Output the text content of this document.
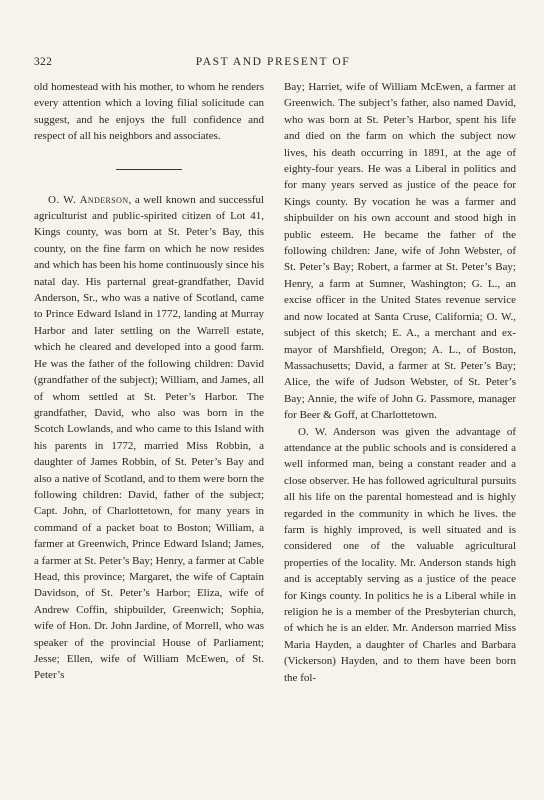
322	PAST AND PRESENT OF

old homestead with his mother, to whom he renders every attention which a loving filial solicitude can suggest, and he enjoys the full confidence and respect of all his neighbors and associates.

O. W. Anderson, a well known and successful agriculturist and public-spirited citizen of Lot 41, Kings county, was born at St. Peter’s Bay, this county, on the fine farm on which he now resides and which has been his home continuously since his natal day. His parternal great-grandfather, David Anderson, Sr., who was a native of Scotland, came to Prince Edward Island in 1772, landing at Murray Harbor and later settling on the Warrell estate, which he cleared and developed into a good farm. He was the father of the following children: David (grandfather of the subject); William, and James, all of whom settled at St. Peter’s Harbor. The grandfather, David, who also was born in the Scotch Lowlands, and who came to this Island with his parents in 1772, married Miss Robbin, a daughter of James Robbin, of St. Peter’s Bay and also a native of Scotland, and to them were born the following children: David, father of the subject; Capt. John, of Charlottetown, for many years in command of a packet boat to Boston; William, a farmer at Greenwich, Prince Edward Island; James, a farmer at St. Peter’s Bay; Henry, a farmer at Cable Head, this province; Margaret, the wife of Captain Davidson, of St. Peter’s Harbor; Eliza, wife of Andrew Coffin, shipbuilder, Greenwich; Sophia, wife of Hon. Dr. John Jardine, of Morrell, who was speaker of the provincial House of Parliament; Jesse; Ellen, wife of William McEwen, of St. Peter’s

Bay; Harriet, wife of William McEwen, a farmer at Greenwich. The subject’s father, also named David, who was born at St. Peter’s Harbor, spent his life and died on the farm on which the subject now lives, his death occurring in 1891, at the age of eighty-four years. He was a Liberal in politics and for many years served as justice of the peace for Kings county. By vocation he was a farmer and shipbuilder on his own account and stood high in public esteem. He became the father of the following children: Jane, wife of John Webster, of St. Peter’s Bay; Robert, a farmer at St. Peter’s Bay; Henry, a farm at Sumner, Washington; G. L., an excise officer in the United States revenue service and now located at Santa Cruse, California; O. W., subject of this sketch; E. A., a merchant and ex-mayor of Marshfield, Oregon; A. L., of Boston, Massachusetts; David, a farmer at St. Peter’s Bay; Alice, the wife of Judson Webster, of St. Peter’s Bay; Annie, the wife of John G. Passmore, manager for Beer & Goff, at Charlottetown.

O. W. Anderson was given the advantage of attendance at the public schools and is considered a well informed man, being a constant reader and a close observer. He has followed agricultural pursuits all his life on the parental homestead and is highly regarded in the community in which he lives. the farm is highly improved, is well situated and is considered one of the valuable agricultural properties of the locality. Mr. Anderson stands high and is acceptably serving as a justice of the peace for Kings county. In politics he is a Liberal while in religion he is a member of the Presbyterian church, of which he is an elder. Mr. Anderson married Miss Maria Hayden, a daughter of Charles and Barbara (Vickerson) Hayden, and to them have been born the fol-
